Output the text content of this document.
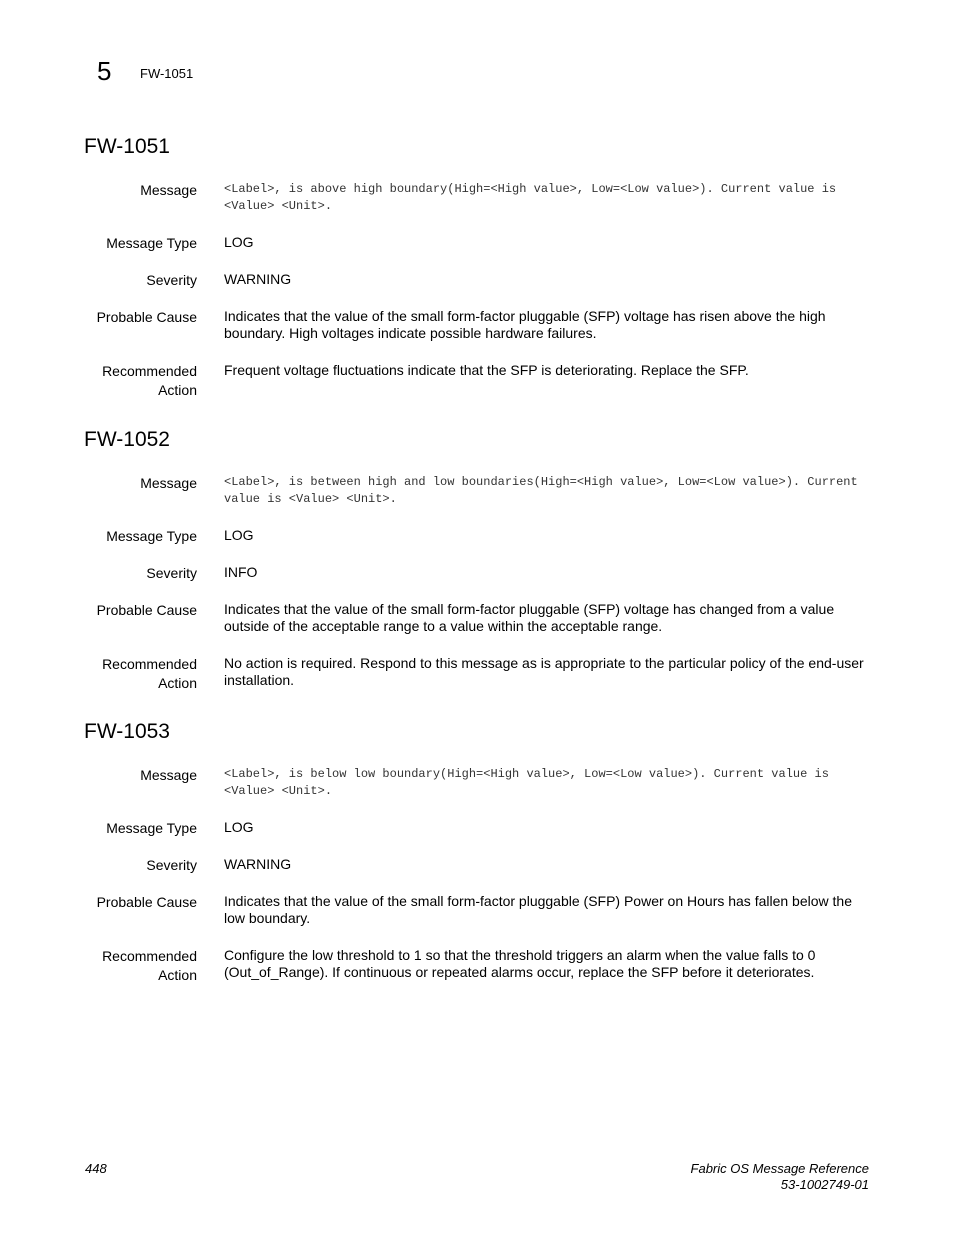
5 FW-1051
FW-1051
Message <Label>, is above high boundary(High=<High value>, Low=<Low value>). Current value is <Value> <Unit>.
Message Type LOG
Severity WARNING
Probable Cause Indicates that the value of the small form-factor pluggable (SFP) voltage has risen above the high boundary. High voltages indicate possible hardware failures.
Recommended
Action
Frequent voltage fluctuations indicate that the SFP is deteriorating. Replace the SFP.
FW-1052
Message <Label>, is between high and low boundaries(High=<High value>, Low=<Low value>). Current value is <Value> <Unit>.
Message Type LOG
Severity INFO
Probable Cause Indicates that the value of the small form-factor pluggable (SFP) voltage has changed from a value outside of the acceptable range to a value within the acceptable range.
Recommended
Action
No action is required. Respond to this message as is appropriate to the particular policy of the end-user installation.
FW-1053
Message <Label>, is below low boundary(High=<High value>, Low=<Low value>). Current value is <Value> <Unit>.
Message Type LOG
Severity WARNING
Probable Cause Indicates that the value of the small form-factor pluggable (SFP) Power on Hours has fallen below the low boundary.
Recommended
Action
Configure the low threshold to 1 so that the threshold triggers an alarm when the value falls to 0 (Out_of_Range). If continuous or repeated alarms occur, replace the SFP before it deteriorates.
448	Fabric OS Message Reference
53-1002749-01
